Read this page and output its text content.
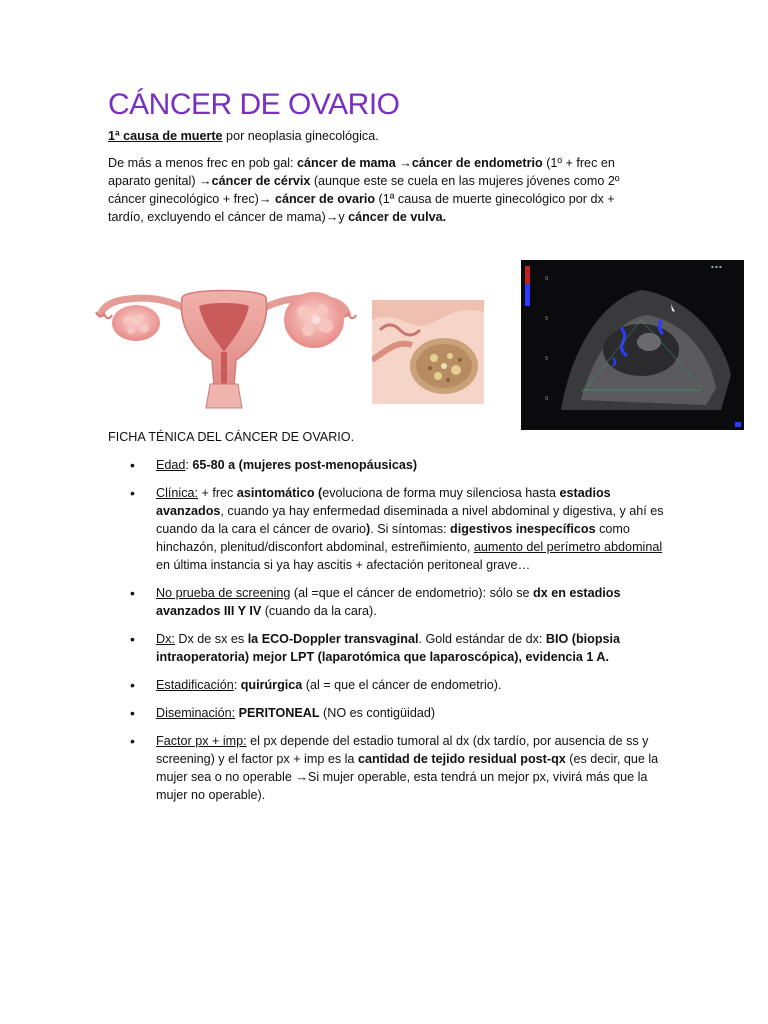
CÁNCER DE OVARIO

1ª causa de muerte por neoplasia ginecológica.

De más a menos frec en pob gal: cáncer de mama →cáncer de endometrio (1º + frec en aparato genital) →cáncer de cérvix (aunque este se cuela en las mujeres jóvenes como 2º cáncer ginecológico + frec)→ cáncer de ovario (1ª causa de muerte ginecológico por dx + tardío, excluyendo el cáncer de mama)→y cáncer de vulva.

▪ ▪ ▪
0
5
5
0

FICHA TÉNICA DEL CÁNCER DE OVARIO.

• Edad: 65-80 a (mujeres post-menopáusicas)
• Clínica: + frec asintomático (evoluciona de forma muy silenciosa hasta estadios avanzados, cuando ya hay enfermedad diseminada a nivel abdominal y digestiva, y ahí es cuando da la cara el cáncer de ovario). Si síntomas: digestivos inespecíficos como hinchazón, plenitud/disconfort abdominal, estreñimiento, aumento del perímetro abdominal en última instancia si ya hay ascitis + afectación peritoneal grave…
• No prueba de screening (al =que el cáncer de endometrio): sólo se dx en estadios avanzados III Y IV (cuando da la cara).
• Dx: Dx de sx es la ECO-Doppler transvaginal. Gold estándar de dx: BIO (biopsia intraoperatoria) mejor LPT (laparotómica que laparoscópica), evidencia 1 A.
• Estadificación: quirúrgica (al = que el cáncer de endometrio).
• Diseminación: PERITONEAL (NO es contigüidad)
• Factor px + imp: el px depende del estadio tumoral al dx (dx tardío, por ausencia de ss y screening) y el factor px + imp es la cantidad de tejido residual post-qx (es decir, que la mujer sea o no operable →Si mujer operable, esta tendrá un mejor px, vivirá más que la mujer no operable).
